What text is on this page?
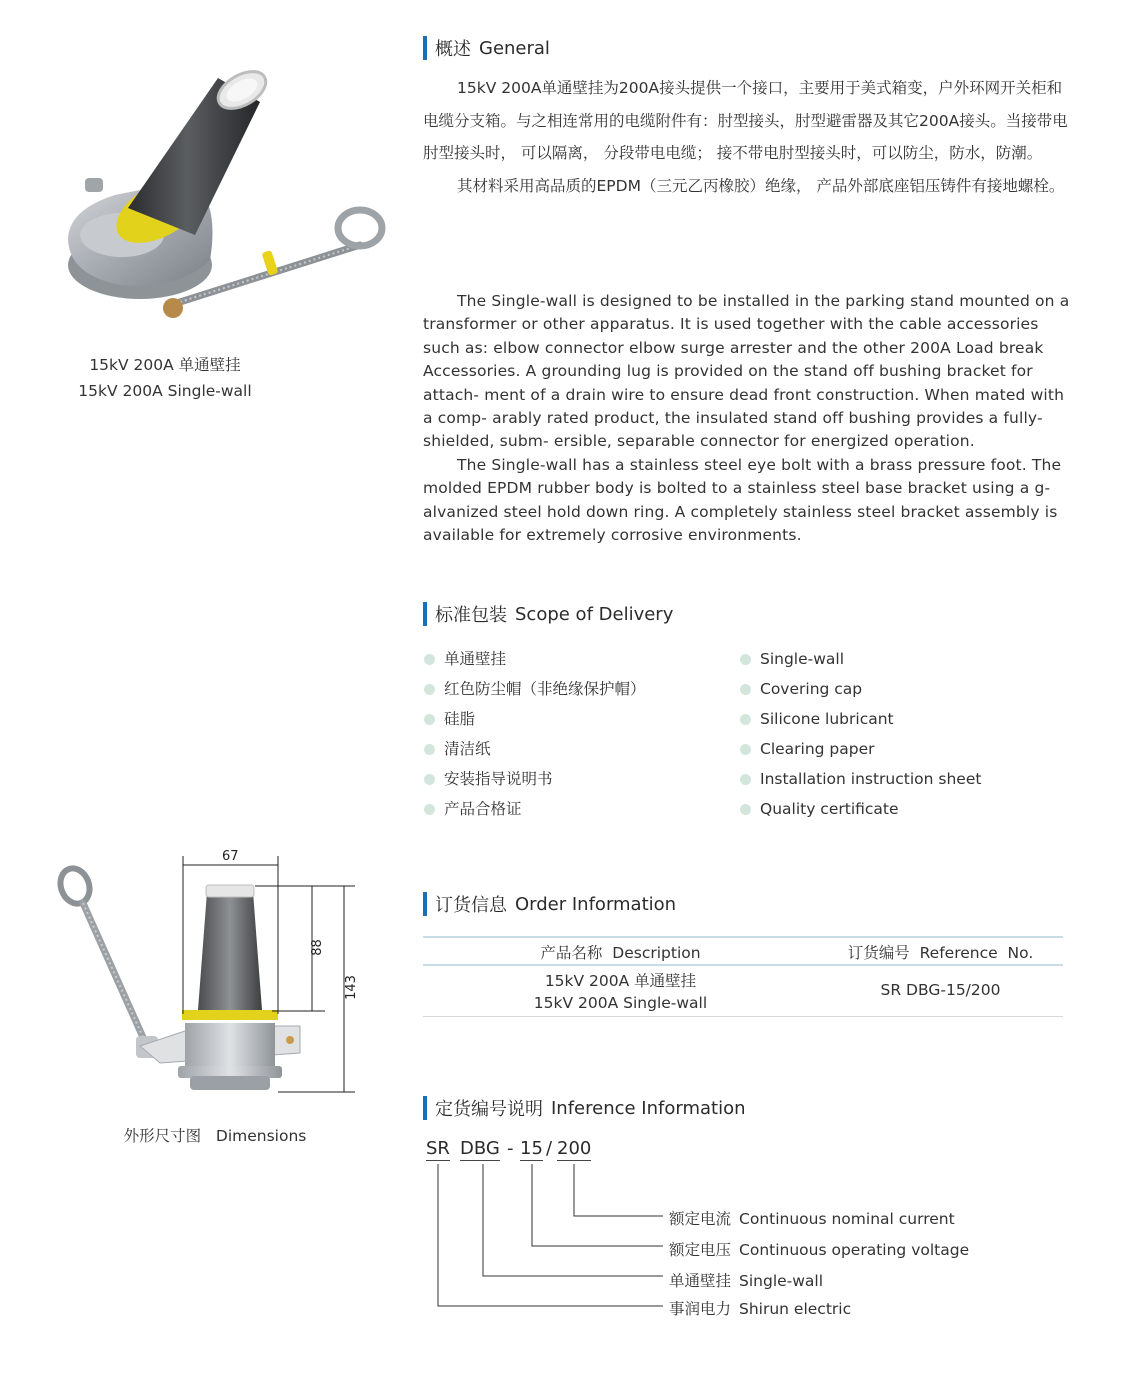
15kV 200A 单通壁挂
15kV 200A Single-wall
概述 General

15kV 200A单通壁挂为200A接头提供一个接口，主要用于美式箱变，户外环网开关柜和电缆分支箱。与之相连常用的电缆附件有：肘型接头，肘型避雷器及其它200A接头。当接带电肘型接头时， 可以隔离， 分段带电电缆； 接不带电肘型接头时，可以防尘，防水，防潮。

其材料采用高品质的EPDM（三元乙丙橡胶）绝缘， 产品外部底座铝压铸件有接地螺栓。

The Single-wall is designed to be installed in the parking stand mounted on a transformer or other apparatus. It is used together with the cable accessories such as: elbow connector elbow surge arrester and the other 200A Load break Accessories. A grounding lug is provided on the stand off bushing bracket for attach- ment of a drain wire to ensure dead front construction. When mated with a comp- arably rated product, the insulated stand off bushing provides a fully-shielded, subm- ersible, separable connector for energized operation.

The Single-wall has a stainless steel eye bolt with a brass pressure foot. The molded EPDM rubber body is bolted to a stainless steel base bracket using a g- alvanized steel hold down ring. A completely stainless steel bracket assembly is available for extremely corrosive environments.

标准包装 Scope of Delivery
单通壁挂
红色防尘帽（非绝缘保护帽）
硅脂
清洁纸
安装指导说明书
产品合格证
Single-wall
Covering cap
Silicone lubricant
Clearing paper
Installation instruction sheet
Quality certificate
67
88
143
外形尺寸图   Dimensions
订货信息 Order Information
产品名称  Description	订货编号  Reference  No.
15kV 200A 单通壁挂
15kV 200A Single-wall
SR DBG-15/200
定货编号说明 Inference Information
SR DBG - 15 / 200
额定电流 Continuous nominal current
额定电压 Continuous operating voltage
单通壁挂 Single-wall
事润电力 Shirun electric
